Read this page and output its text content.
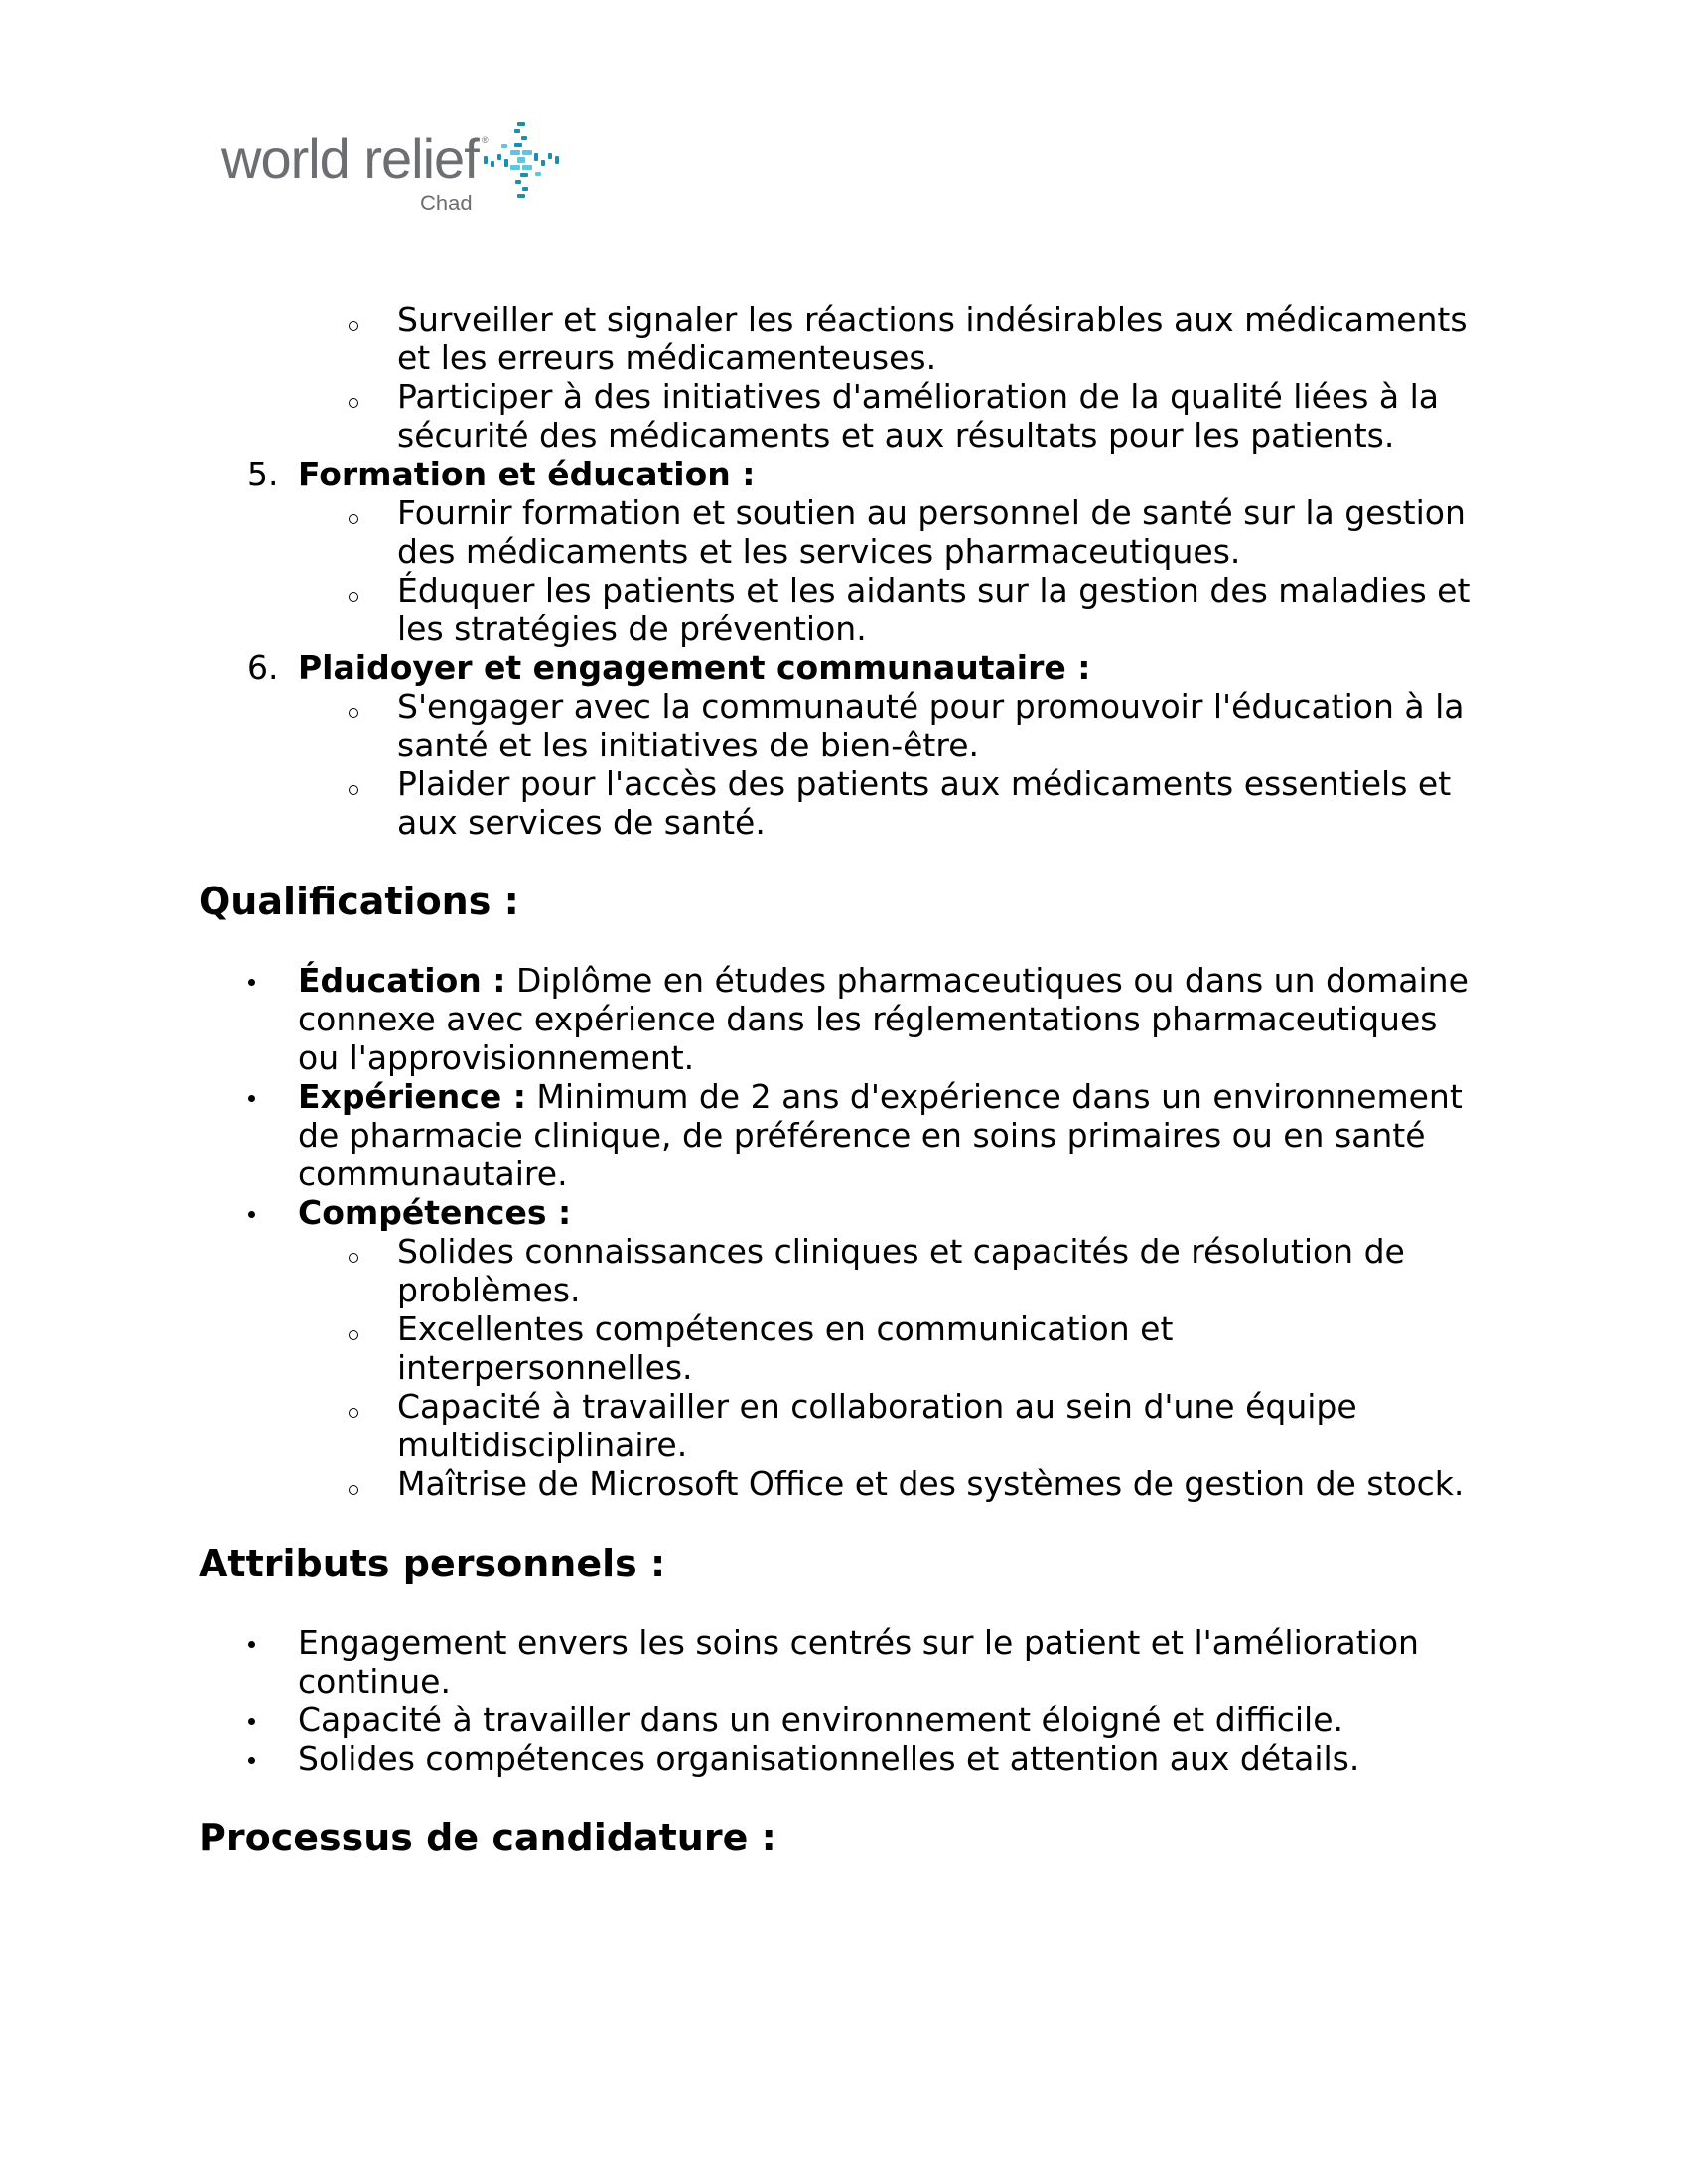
world relief ®
Chad

Surveiller et signaler les réactions indésirables aux médicaments

et les erreurs médicamenteuses.

Participer à des initiatives d'amélioration de la qualité liées à la

sécurité des médicaments et aux résultats pour les patients.

5. Formation et éducation :

Fournir formation et soutien au personnel de santé sur la gestion

des médicaments et les services pharmaceutiques.

Éduquer les patients et les aidants sur la gestion des maladies et

les stratégies de prévention.

6. Plaidoyer et engagement communautaire :

S'engager avec la communauté pour promouvoir l'éducation à la

santé et les initiatives de bien-être.

Plaider pour l'accès des patients aux médicaments essentiels et

aux services de santé.

Qualifications :

Éducation : Diplôme en études pharmaceutiques ou dans un domaine

connexe avec expérience dans les réglementations pharmaceutiques

ou l'approvisionnement.

Expérience : Minimum de 2 ans d'expérience dans un environnement

de pharmacie clinique, de préférence en soins primaires ou en santé

communautaire.

Compétences :

Solides connaissances cliniques et capacités de résolution de

problèmes.

Excellentes compétences en communication et

interpersonnelles.

Capacité à travailler en collaboration au sein d'une équipe

multidisciplinaire.

Maîtrise de Microsoft Office et des systèmes de gestion de stock.

Attributs personnels :

Engagement envers les soins centrés sur le patient et l'amélioration

continue.

Capacité à travailler dans un environnement éloigné et difficile.

Solides compétences organisationnelles et attention aux détails.

Processus de candidature :
